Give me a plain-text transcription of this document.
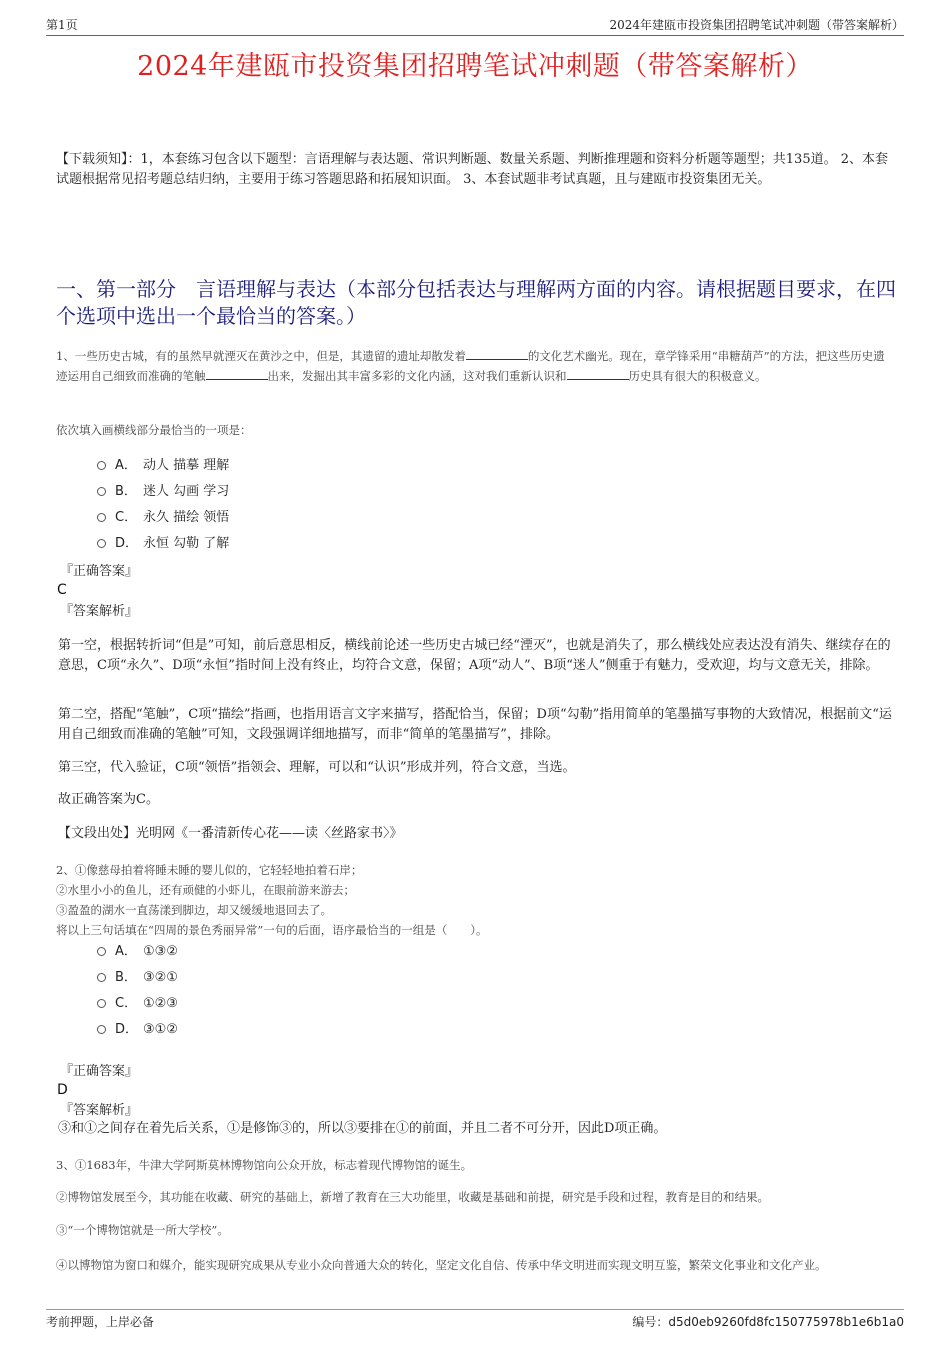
第1页	2024年建瓯市投资集团招聘笔试冲刺题（带答案解析）
2024年建瓯市投资集团招聘笔试冲刺题（带答案解析）
【下载须知】：1，本套练习包含以下题型：言语理解与表达题、常识判断题、数量关系题、判断推理题和资料分析题等题型；共135道。 2、本套试题根据常见招考题总结归纳，主要用于练习答题思路和拓展知识面。 3、本套试题非考试真题，且与建瓯市投资集团无关。
一、第一部分　言语理解与表达（本部分包括表达与理解两方面的内容。请根据题目要求，在四个选项中选出一个最恰当的答案。）
1、一些历史古城，有的虽然早就湮灭在黄沙之中，但是，其遗留的遗址却散发着	的文化艺术幽光。现在，章学锋采用“串糖葫芦”的方法，把这些历史遗迹运用自己细致而准确的笔触	出来，发掘出其丰富多彩的文化内涵，这对我们重新认识和	历史具有很大的积极意义。
依次填入画横线部分最恰当的一项是：
A． 动人 描摹 理解
B． 迷人 勾画 学习
C． 永久 描绘 领悟
D． 永恒 勾勒 了解
『正确答案』
C
『答案解析』
第一空，根据转折词“但是”可知，前后意思相反，横线前论述一些历史古城已经“湮灭”，也就是消失了，那么横线处应表达没有消失、继续存在的意思，C项“永久”、D项“永恒”指时间上没有终止，均符合文意，保留；A项“动人”、B项“迷人”侧重于有魅力，受欢迎，均与文意无关，排除。
第二空，搭配“笔触”，C项“描绘”指画，也指用语言文字来描写，搭配恰当，保留；D项“勾勒”指用简单的笔墨描写事物的大致情况，根据前文“运用自己细致而准确的笔触”可知，文段强调详细地描写，而非“简单的笔墨描写”，排除。
第三空，代入验证，C项“领悟”指领会、理解，可以和“认识”形成并列，符合文意，当选。
故正确答案为C。
【文段出处】光明网《一番清新传心花——读〈丝路家书〉》
2、①像慈母拍着将睡未睡的婴儿似的，它轻轻地拍着石岸；
②水里小小的鱼儿，还有顽健的小虾儿，在眼前游来游去；
③盈盈的湖水一直荡漾到脚边，却又缓缓地退回去了。
将以上三句话填在“四周的景色秀丽异常”一句的后面，语序最恰当的一组是（　　）。
A． ①③②
B． ③②①
C． ①②③
D． ③①②
『正确答案』
D
『答案解析』
③和①之间存在着先后关系，①是修饰③的，所以③要排在①的前面，并且二者不可分开，因此D项正确。
3、①1683年，牛津大学阿斯莫林博物馆向公众开放，标志着现代博物馆的诞生。
②博物馆发展至今，其功能在收藏、研究的基础上，新增了教育在三大功能里，收藏是基础和前提，研究是手段和过程，教育是目的和结果。
③“一个博物馆就是一所大学校”。
④以博物馆为窗口和媒介，能实现研究成果从专业小众向普通大众的转化，坚定文化自信、传承中华文明进而实现文明互鉴，繁荣文化事业和文化产业。
考前押题，上岸必备	编号：d5d0eb9260fd8fc150775978b1e6b1a0
